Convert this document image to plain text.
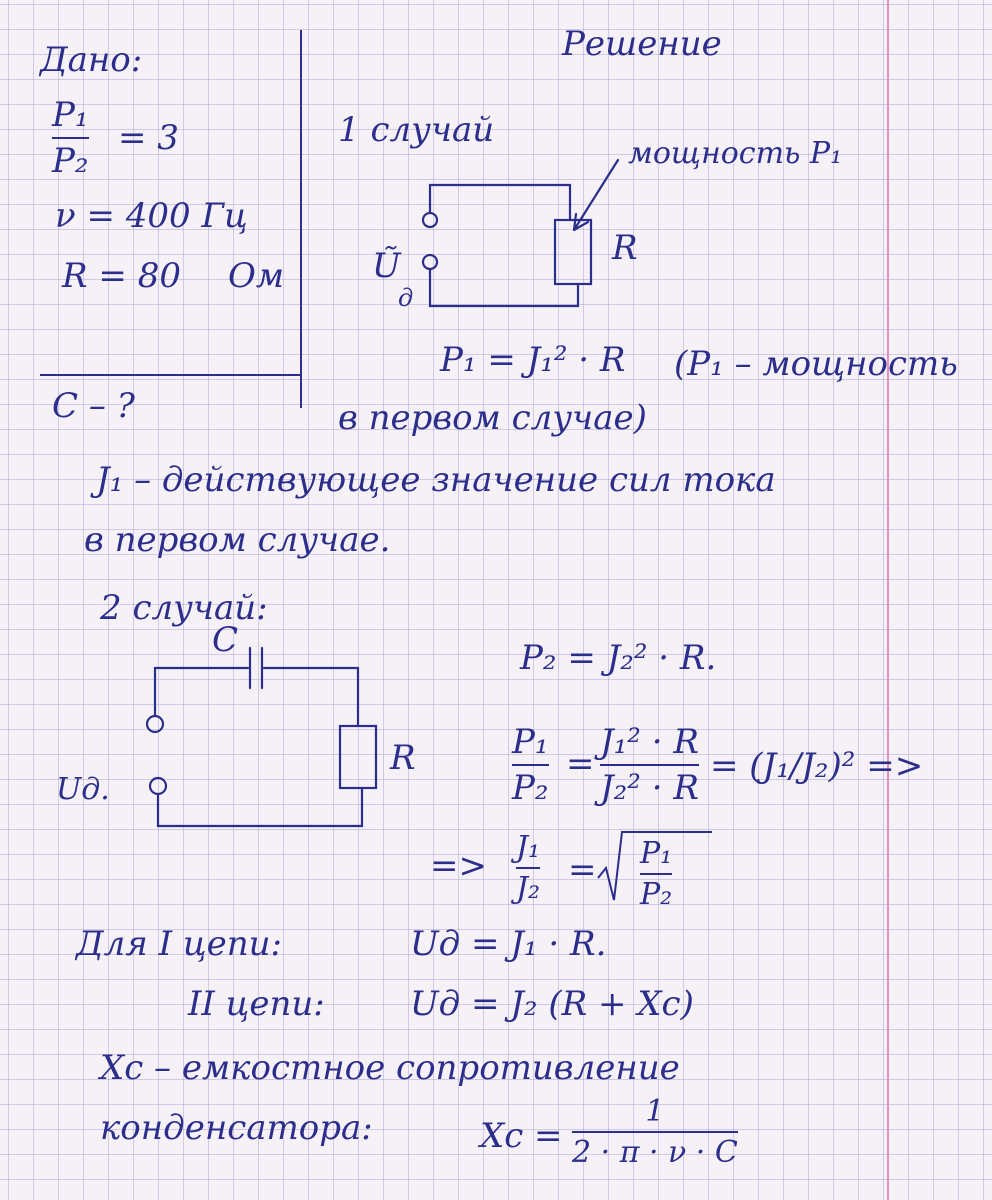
Дано:
P₁
P₂
= 3
ν = 400 Гц
R = 80 Ом
C – ?
Решение
1 случай
мощность P₁
R
Ũ
д
P₁ = J₁² · R (P₁ – мощность
в первом случае)
J₁ – действующее значение сил тока
в первом случае.
2 случай:
C
R
Uд.
P₂ = J₂² · R.
P₁
P₂
=
J₁² · R
J₂² · R
= (J₁/J₂)² =>
=> J₁
J₂ = P₁
P₂
Для I цепи:	Uд = J₁ · R.
II цепи:	Uд = J₂ (R + Xc)
Xc – емкостное сопротивление
конденсатора:	Xc =
1
2 · π · ν · C
